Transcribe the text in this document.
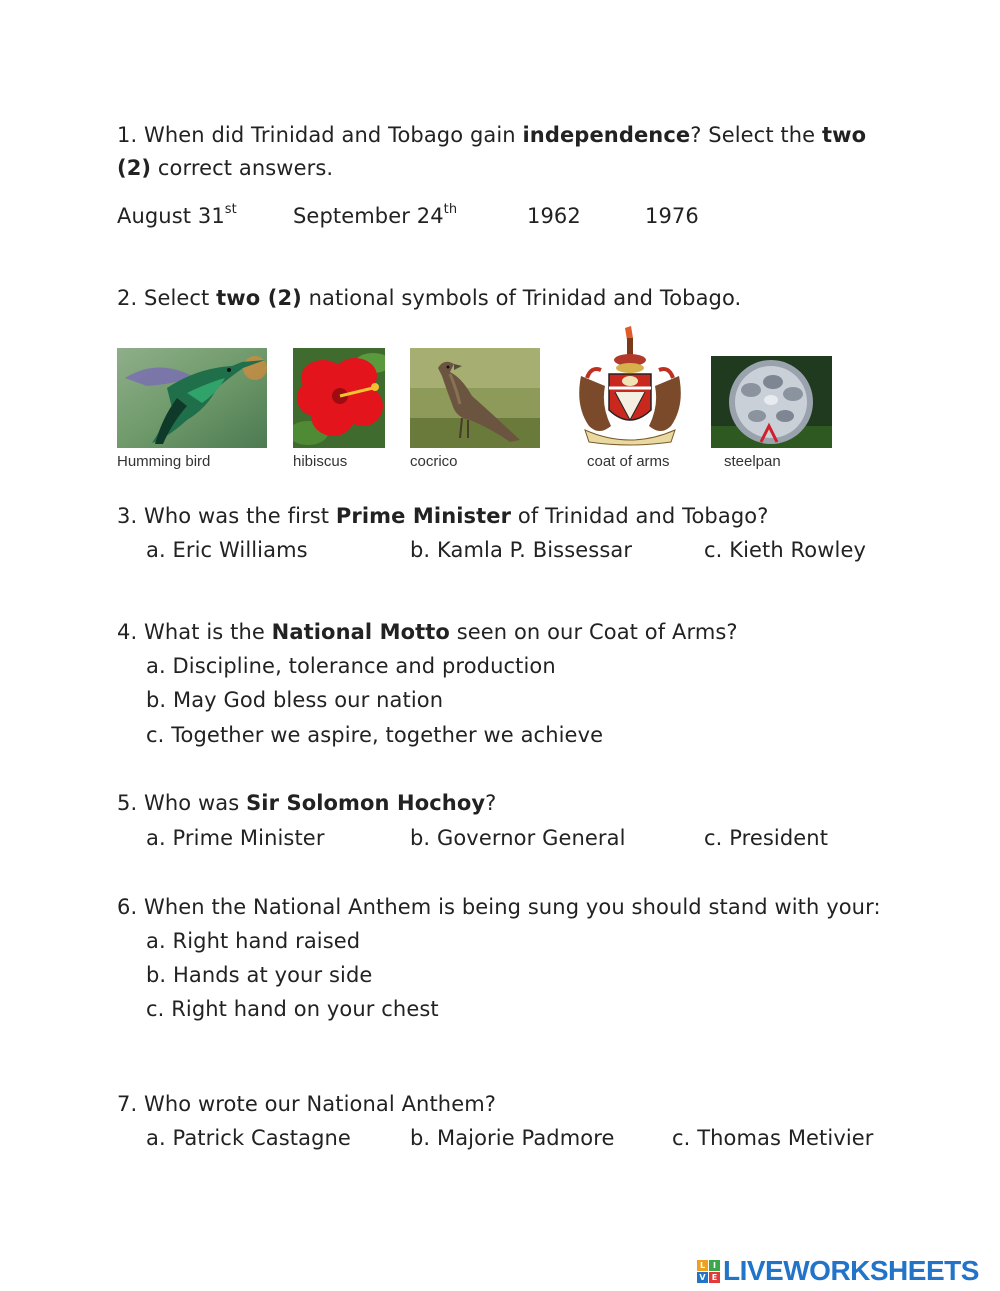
1. When did Trinidad and Tobago gain independence? Select the two
(2) correct answers.
August 31st	September 24th	1962	1976
2. Select two (2) national symbols of Trinidad and Tobago.
Humming bird	hibiscus	cocrico	coat of arms	steelpan
3. Who was the first Prime Minister of Trinidad and Tobago?
a. Eric Williams	b. Kamla P. Bissessar	c. Kieth Rowley
4. What is the National Motto seen on our Coat of Arms?
a. Discipline, tolerance and production
b. May God bless our nation
c. Together we aspire, together we achieve
5. Who was Sir Solomon Hochoy?
a. Prime Minister	b. Governor General	c. President
6. When the National Anthem is being sung you should stand with your:
a. Right hand raised
b. Hands at your side
c. Right hand on your chest
7. Who wrote our National Anthem?
a. Patrick Castagne	b. Majorie Padmore	c. Thomas Metivier
L I
V E LIVEWORKSHEETS
